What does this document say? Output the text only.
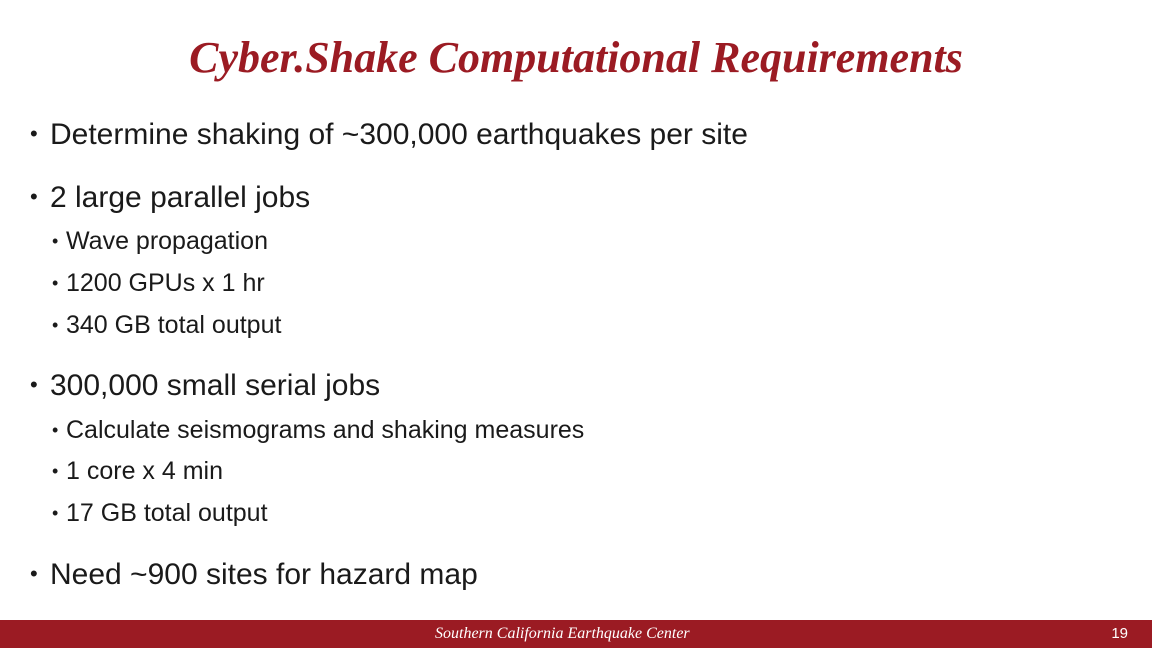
Cyber.Shake Computational Requirements
• Determine shaking of ~300,000 earthquakes per site
• 2 large parallel jobs
• Wave propagation
• 1200 GPUs x 1 hr
• 340 GB total output
• 300,000 small serial jobs
• Calculate seismograms and shaking measures
• 1 core x 4 min
• 17 GB total output
• Need ~900 sites for hazard map
Southern California Earthquake Center	19
